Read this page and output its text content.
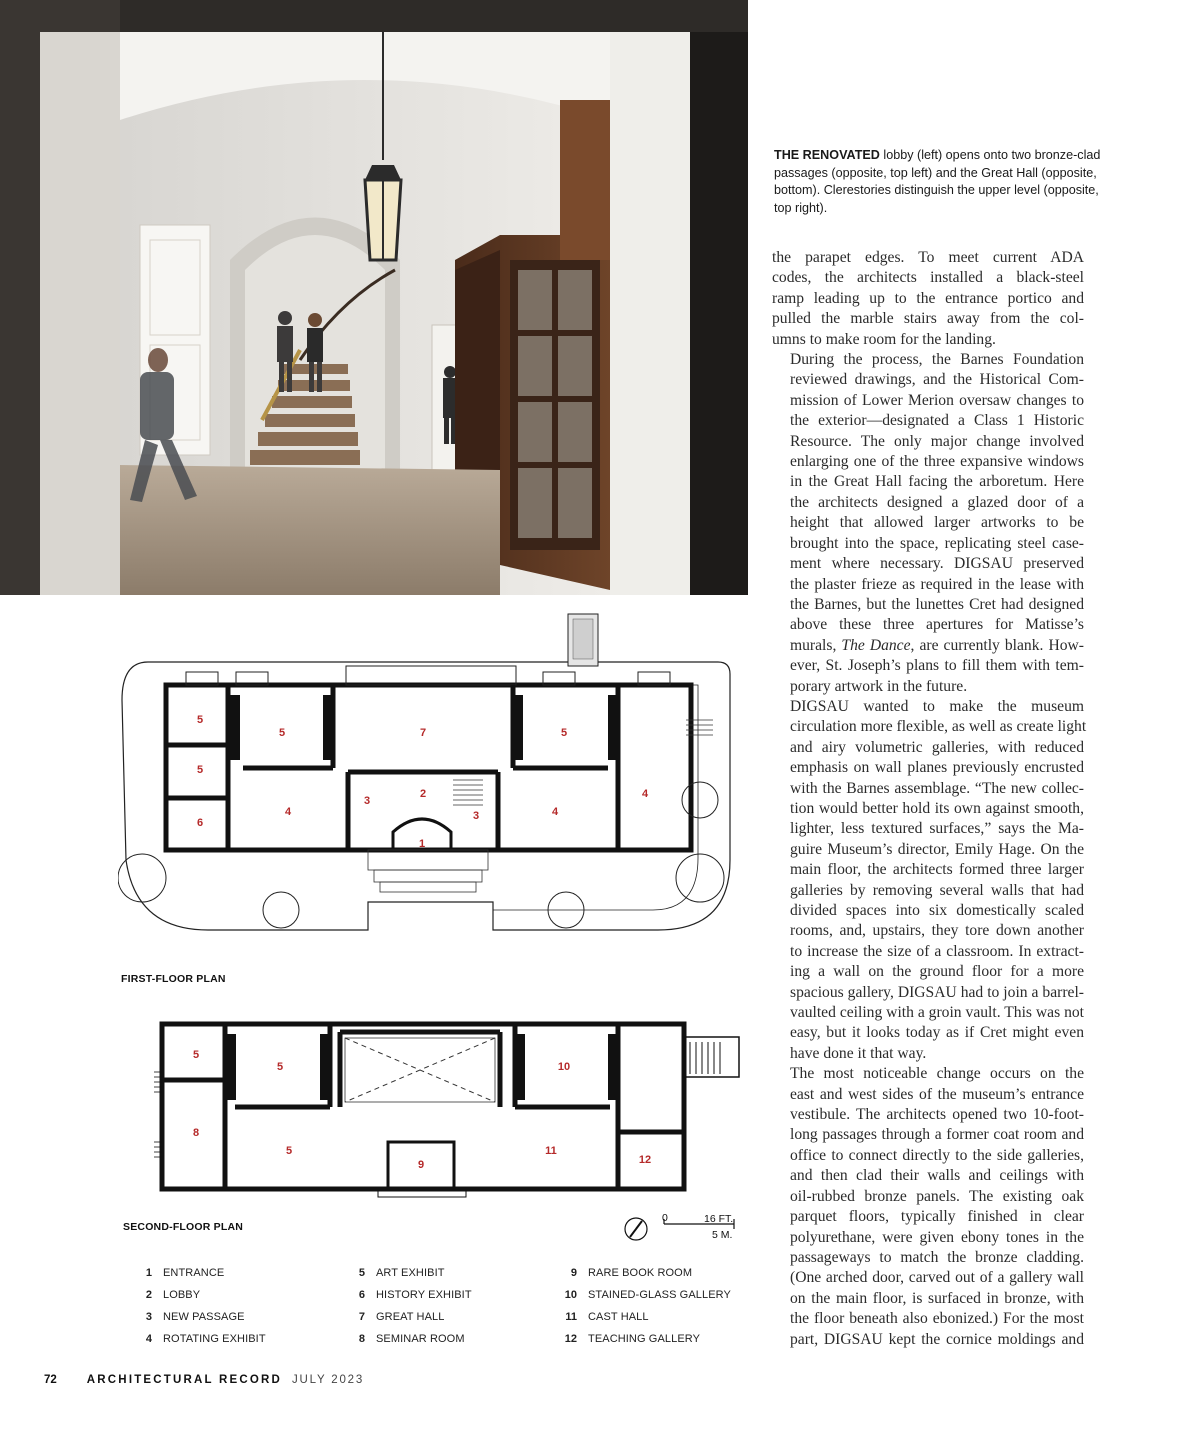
THE RENOVATED lobby (left) opens onto two bronze-clad passages (opposite, top left) and the Great Hall (opposite, bottom). Clerestories distinguish the upper level (opposite, top right).
the parapet edges. To meet current ADA
codes, the architects installed a black-steel
ramp leading up to the entrance portico and
pulled the marble stairs away from the col-
umns to make room for the landing.
During the process, the Barnes Foundation
reviewed drawings, and the Historical Com-
mission of Lower Merion oversaw changes to
the exterior—designated a Class 1 Historic
Resource. The only major change involved
enlarging one of the three expansive windows
in the Great Hall facing the arboretum. Here
the architects designed a glazed door of a
height that allowed larger artworks to be
brought into the space, replicating steel case-
ment where necessary. DIGSAU preserved
the plaster frieze as required in the lease with
the Barnes, but the lunettes Cret had designed
above these three apertures for Matisse’s
murals, The Dance, are currently blank. How-
ever, St. Joseph’s plans to fill them with tem-
porary artwork in the future.
DIGSAU wanted to make the museum
circulation more flexible, as well as create light
and airy volumetric galleries, with reduced
emphasis on wall planes previously encrusted
with the Barnes assemblage. “The new collec-
tion would better hold its own against smooth,
lighter, less textured surfaces,” says the Ma-
guire Museum’s director, Emily Hage. On the
main floor, the architects formed three larger
galleries by removing several walls that had
divided spaces into six domestically scaled
rooms, and, upstairs, they tore down another
to increase the size of a classroom. In extract-
ing a wall on the ground floor for a more
spacious gallery, DIGSAU had to join a barrel-
vaulted ceiling with a groin vault. This was not
easy, but it looks today as if Cret might even
have done it that way.
The most noticeable change occurs on the
east and west sides of the museum’s entrance
vestibule. The architects opened two 10-foot-
long passages through a former coat room and
office to connect directly to the side galleries,
and then clad their walls and ceilings with
oil-rubbed bronze panels. The existing oak
parquet floors, typically finished in clear
polyurethane, were given ebony tones in the
passageways to match the bronze cladding.
(One arched door, carved out of a gallery wall
on the main floor, is surfaced in bronze, with
the floor beneath also ebonized.) For the most
part, DIGSAU kept the cornice moldings and
5
5	7	5
5
2
3
4	4
4
3
6
1
FIRST-FLOOR PLAN
5
5	10
8
5
9
11
12
SECOND-FLOOR PLAN
0	16 FT.
5 M.
1 ENTRANCE
2 LOBBY
3 NEW PASSAGE
4 ROTATING EXHIBIT
5 ART EXHIBIT
6 HISTORY EXHIBIT
7 GREAT HALL
8 SEMINAR ROOM
9 RARE BOOK ROOM
10 STAINED-GLASS GALLERY
11 CAST HALL
12 TEACHING GALLERY
72	ARCHITECTURAL RECORD JULY 2023
